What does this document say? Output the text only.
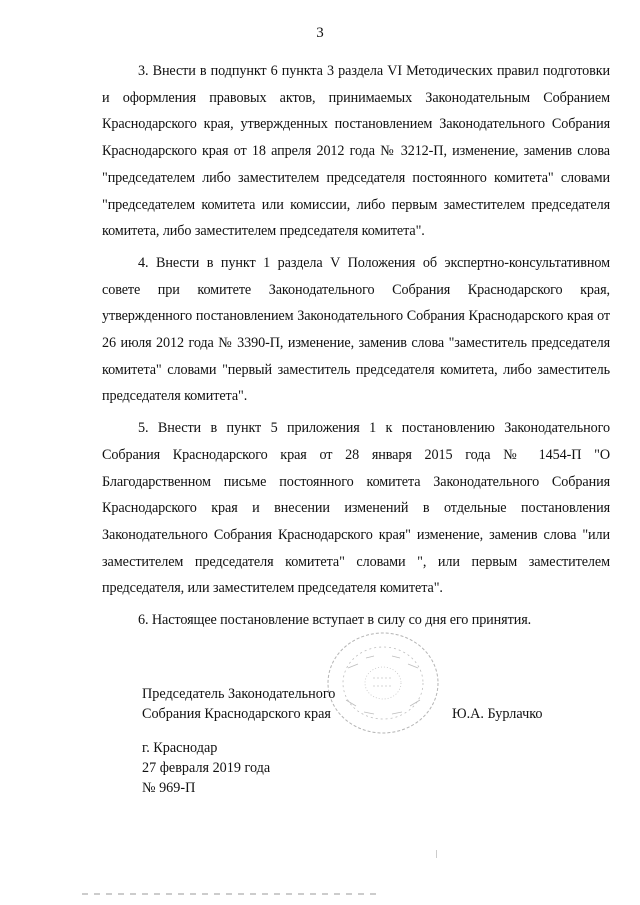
3

3. Внести в подпункт 6 пункта 3 раздела VI Методических правил подготовки и оформления правовых актов, принимаемых Законодательным Собранием Краснодарского края, утвержденных постановлением Законодательного Собрания Краснодарского края от 18 апреля 2012 года № 3212-П, изменение, заменив слова "председателем либо заместителем председателя постоянного комитета" словами "председателем комитета или комиссии, либо первым заместителем председателя комитета, либо заместителем председателя комитета".

4. Внести в пункт 1 раздела V Положения об экспертно-консультативном совете при комитете Законодательного Собрания Краснодарского края, утвержденного постановлением Законодательного Собрания Краснодарского края от 26 июля 2012 года № 3390-П, изменение, заменив слова "заместитель председателя комитета" словами "первый заместитель председателя комитета, либо заместитель председателя комитета".

5. Внести в пункт 5 приложения 1 к постановлению Законодательного Собрания Краснодарского края от 28 января 2015 года № 1454-П "О Благодарственном письме постоянного комитета Законодательного Собрания Краснодарского края и внесении изменений в отдельные постановления Законодательного Собрания Краснодарского края" изменение, заменив слова "или заместителем председателя комитета" словами ", или первым заместителем председателя, или заместителем председателя комитета".

6. Настоящее постановление вступает в силу со дня его принятия.

Председатель Законодательного
Собрания Краснодарского края	Ю.А. Бурлачко
г. Краснодар
27 февраля 2019 года
№ 969-П
